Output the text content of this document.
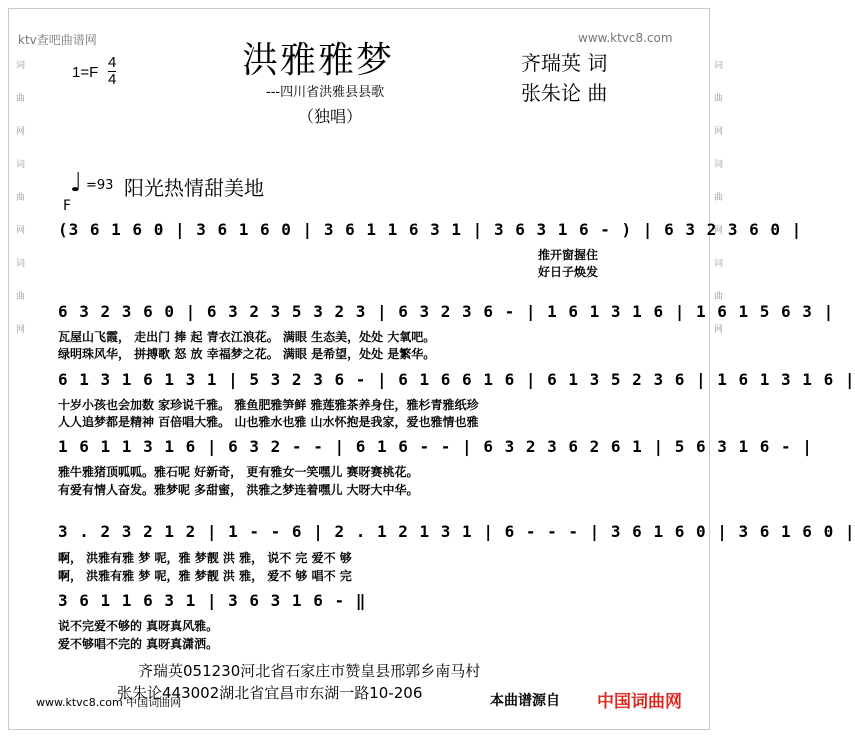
ktv查吧曲谱网	www.ktvc8.com
词曲网词曲网词曲网	词曲网词曲网词曲网
洪雅雅梦
---四川省洪雅县县歌
（独唱）
1=F
4
4
齐瑞英 词
张朱论 曲
♩ =93 阳光热情甜美地
F
(3 6 1 6 0 | 3 6 1 6 0 | 3 6 1 1 6 3 1 | 3 6 3 1 6 - ) | 6 3 2 3 6 0 |
推开窗握住
好日子焕发
6 3 2 3 6 0 | 6 3 2 3 5 3 2 3 | 6 3 2 3 6 - | 1 6 1 3 1 6 | 1 6 1 5 6 3 |
瓦屋山飞霞， 走出门 捧 起 青衣江浪花。 满眼 生态美，处处 大氧吧。
绿明珠风华， 拼搏歌 怒 放 幸福梦之花。 满眼 是希望，处处 是繁华。
6 1 3 1 6 1 3 1 | 5 3 2 3 6 - | 6 1 6 6 1 6 | 6 1 3 5 2 3 6 | 1 6 1 3 1 6 |
十岁小孩也会加数 家珍说千雅。 雅鱼肥雅笋鲜 雅莲雅茶养身住，雅杉青雅纸珍
人人追梦都是精神 百倍唱大雅。 山也雅水也雅 山水怀抱是我家，爱也雅情也雅
1 6 1 1 3 1 6 | 6 3 2 - - | 6 1 6 - - | 6 3 2 3 6 2 6 1 | 5 6 3 1 6 - |
雅牛雅猪顶呱呱。雅石呢 好新奇， 更有雅女一笑嘿儿 赛呀赛桃花。
有爱有情人奋发。雅梦呢 多甜蜜， 洪雅之梦连着嘿儿 大呀大中华。
3 . 2 3 2 1 2 | 1 - - 6 | 2 . 1 2 1 3 1 | 6 - - - | 3 6 1 6 0 | 3 6 1 6 0 |
啊， 洪雅有雅 梦 呢，雅 梦靓 洪 雅， 说不 完 爱不 够
啊， 洪雅有雅 梦 呢，雅 梦靓 洪 雅， 爱不 够 唱不 完
3 6 1 1 6 3 1 | 3 6 3 1 6 - ‖
说不完爱不够的 真呀真风雅。
爱不够唱不完的 真呀真潇洒。
齐瑞英051230河北省石家庄市赞皇县邢郭乡南马村
张朱论443002湖北省宜昌市东湖一路10-206
www.ktvc8.com 中国词曲网	本曲谱源自 中国词曲网
